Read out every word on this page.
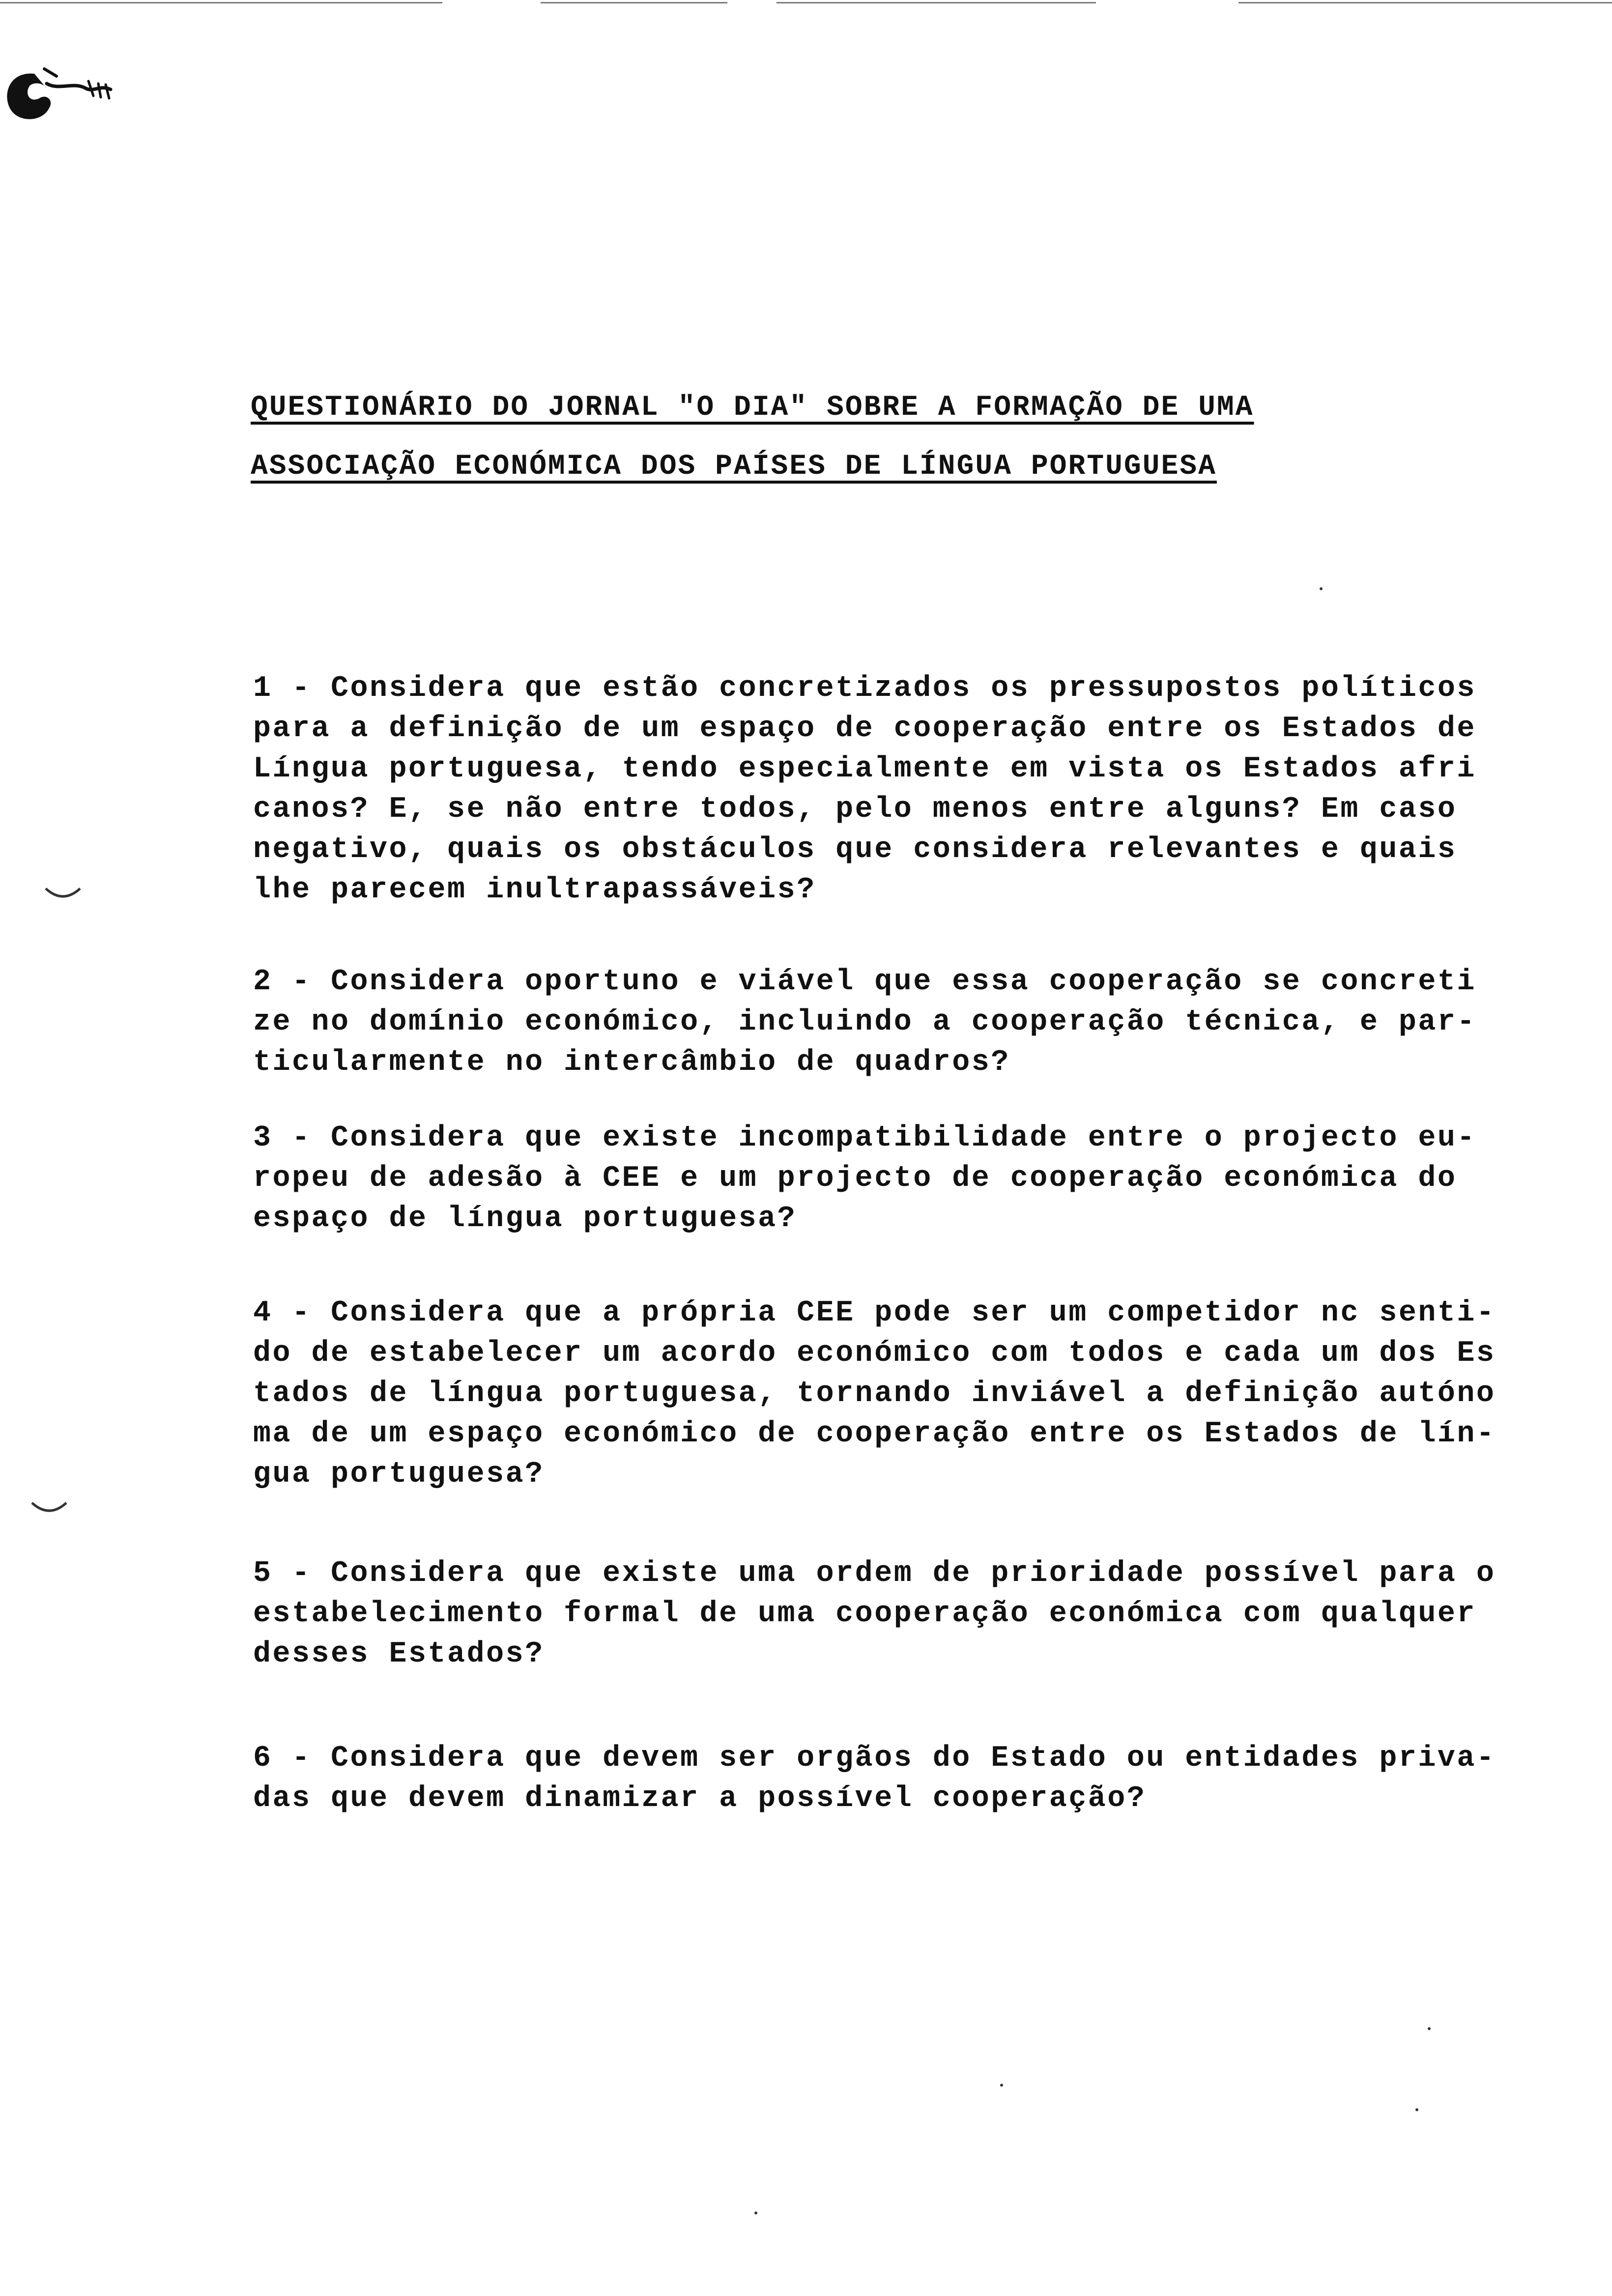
QUESTIONÁRIO DO JORNAL "O DIA" SOBRE A FORMAÇÃO DE UMA
ASSOCIAÇÃO ECONÓMICA DOS PAÍSES DE LÍNGUA PORTUGUESA

1 - Considera que estão concretizados os pressupostos políticos
para a definição de um espaço de cooperação entre os Estados de
Língua portuguesa, tendo especialmente em vista os Estados afri
canos? E, se não entre todos, pelo menos entre alguns? Em caso
negativo, quais os obstáculos que considera relevantes e quais
lhe parecem inultrapassáveis?

2 - Considera oportuno e viável que essa cooperação se concreti
ze no domínio económico, incluindo a cooperação técnica, e par-
ticularmente no intercâmbio de quadros?

3 - Considera que existe incompatibilidade entre o projecto eu-
ropeu de adesão à CEE e um projecto de cooperação económica do
espaço de língua portuguesa?

4 - Considera que a própria CEE pode ser um competidor nc senti-
do de estabelecer um acordo económico com todos e cada um dos Es
tados de língua portuguesa, tornando inviável a definição autóno
ma de um espaço económico de cooperação entre os Estados de lín-
gua portuguesa?

5 - Considera que existe uma ordem de prioridade possível para o
estabelecimento formal de uma cooperação económica com qualquer
desses Estados?

6 - Considera que devem ser orgãos do Estado ou entidades priva-
das que devem dinamizar a possível cooperação?
